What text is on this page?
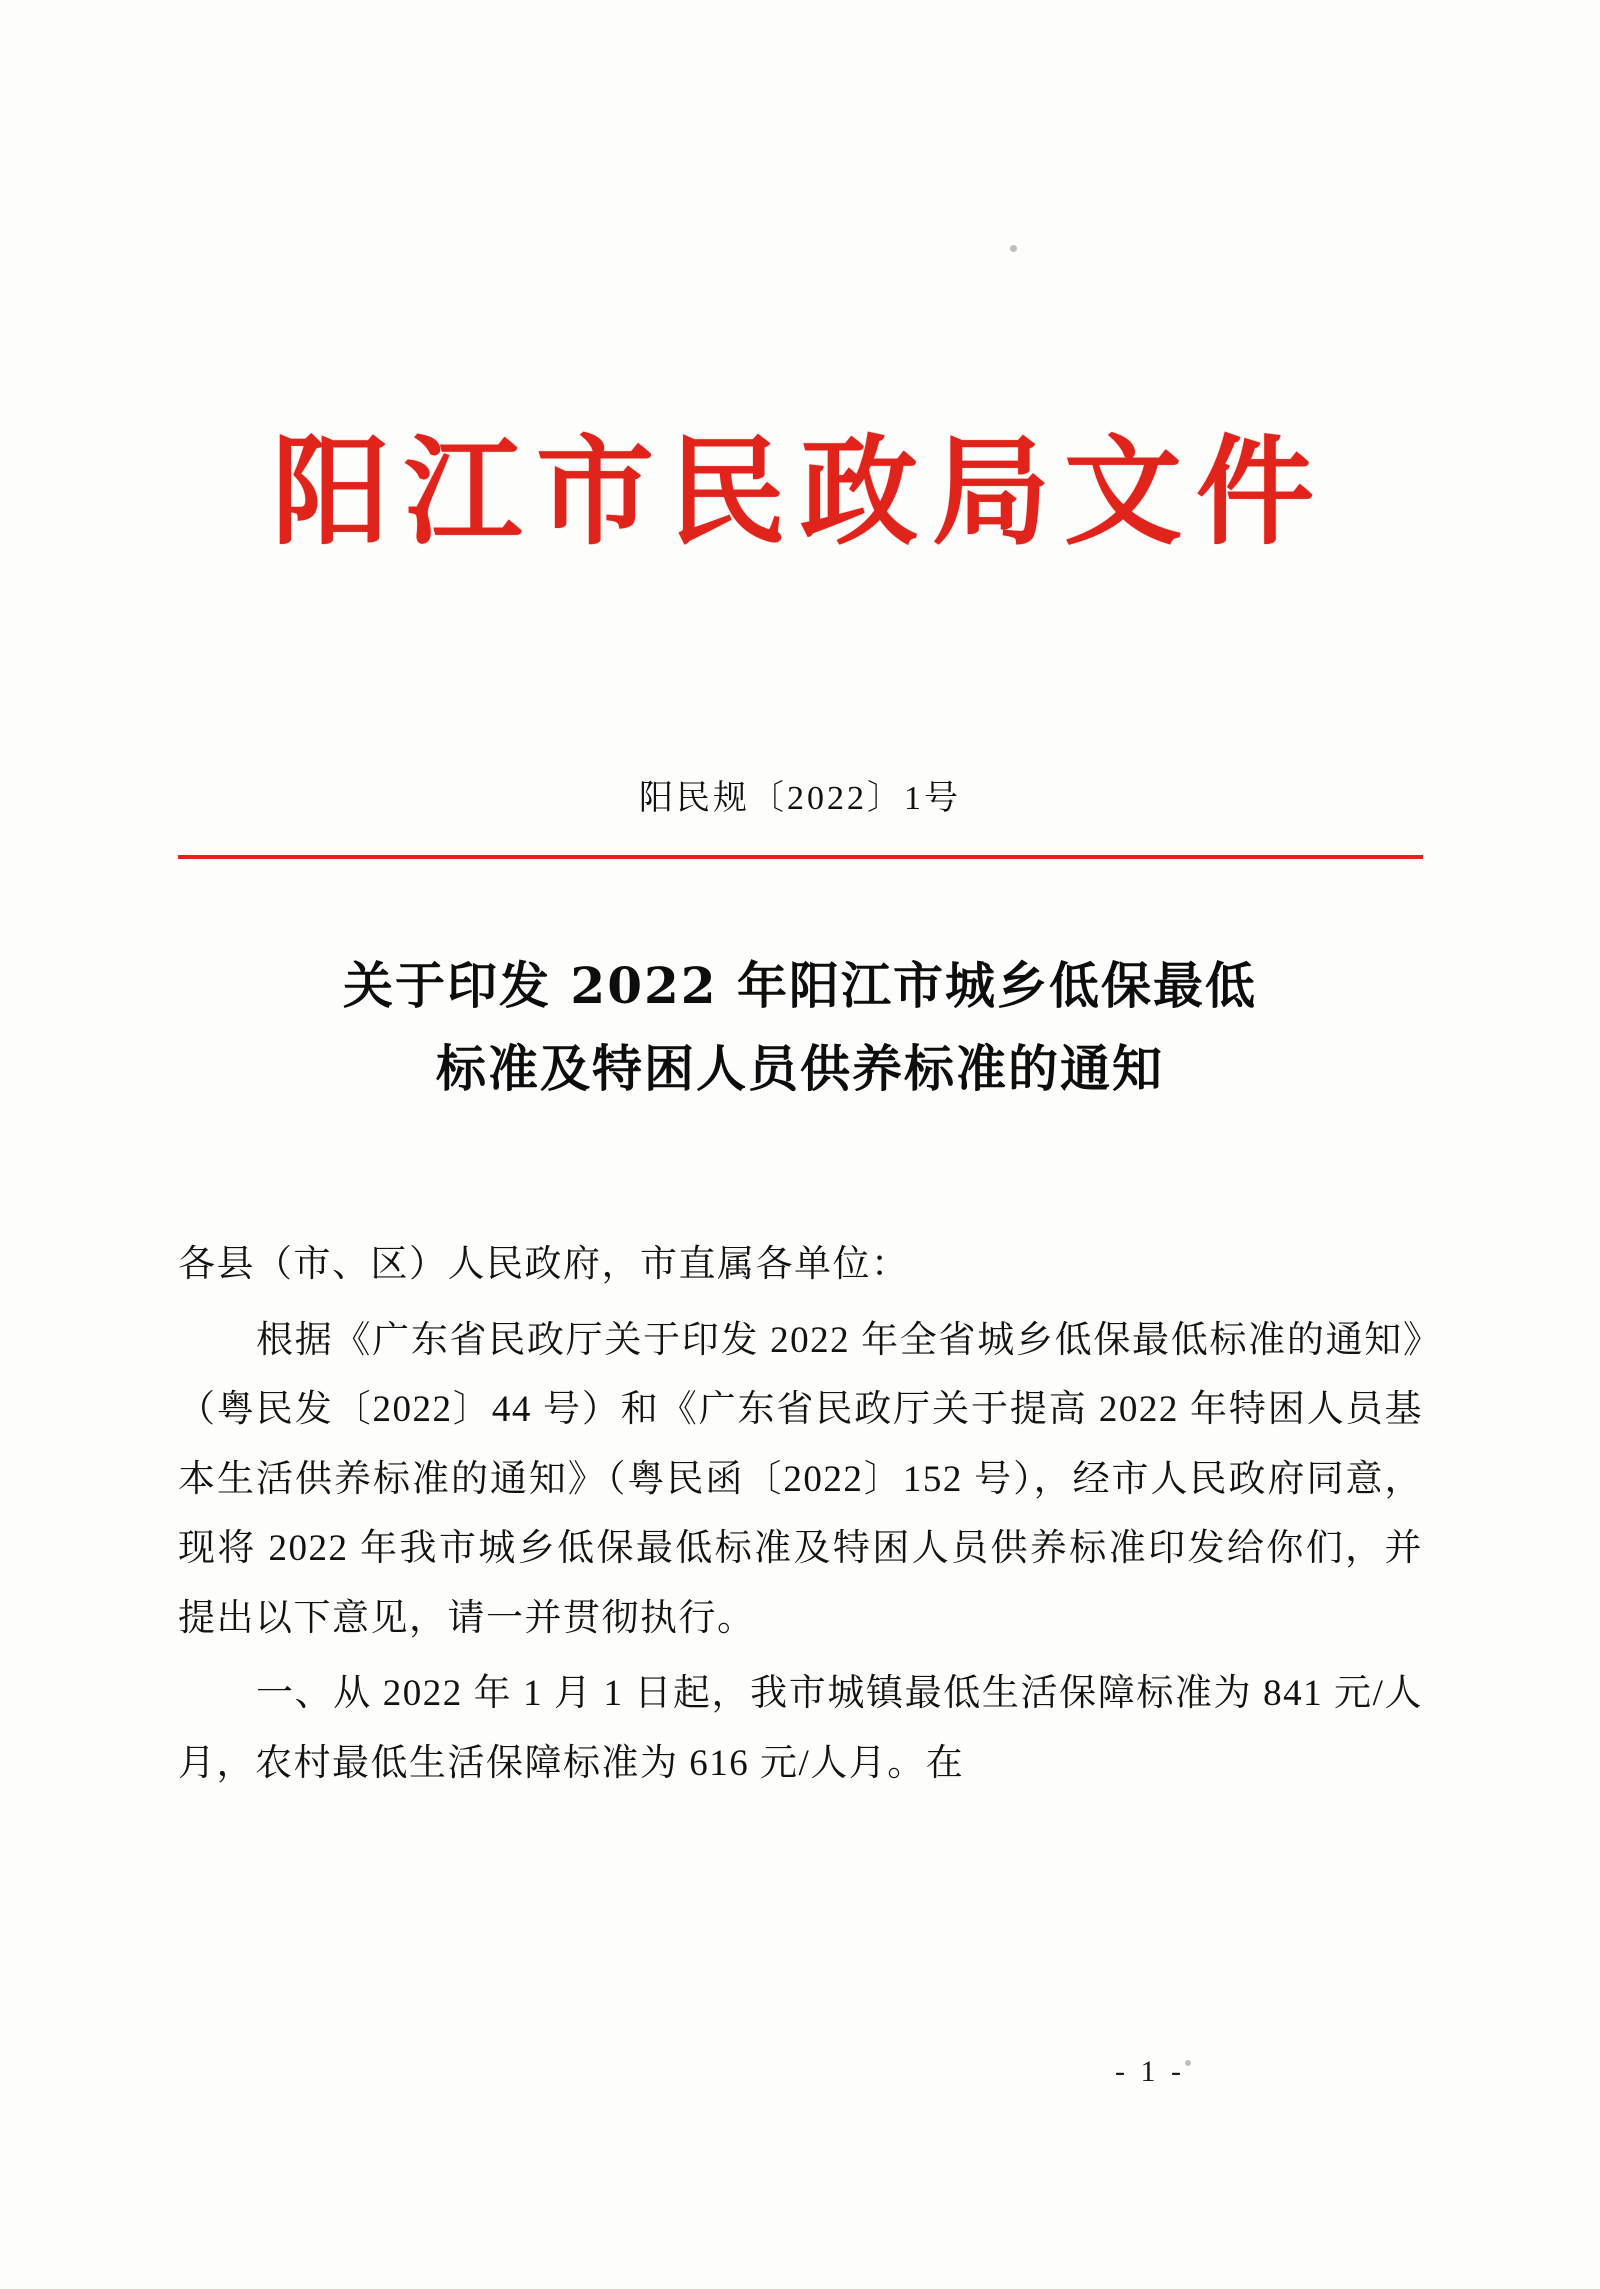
阳江市民政局文件
阳民规〔2022〕1号
关于印发 2022 年阳江市城乡低保最低
标准及特困人员供养标准的通知

各县（市、区）人民政府，市直属各单位：

根据《广东省民政厅关于印发 2022 年全省城乡低保最低标准的通知》（粤民发〔2022〕44 号）和《广东省民政厅关于提高 2022 年特困人员基本生活供养标准的通知》（粤民函〔2022〕152 号），经市人民政府同意，现将 2022 年我市城乡低保最低标准及特困人员供养标准印发给你们，并提出以下意见，请一并贯彻执行。

一、从 2022 年 1 月 1 日起，我市城镇最低生活保障标准为 841 元/人月，农村最低生活保障标准为 616 元/人月。在

- 1 -
